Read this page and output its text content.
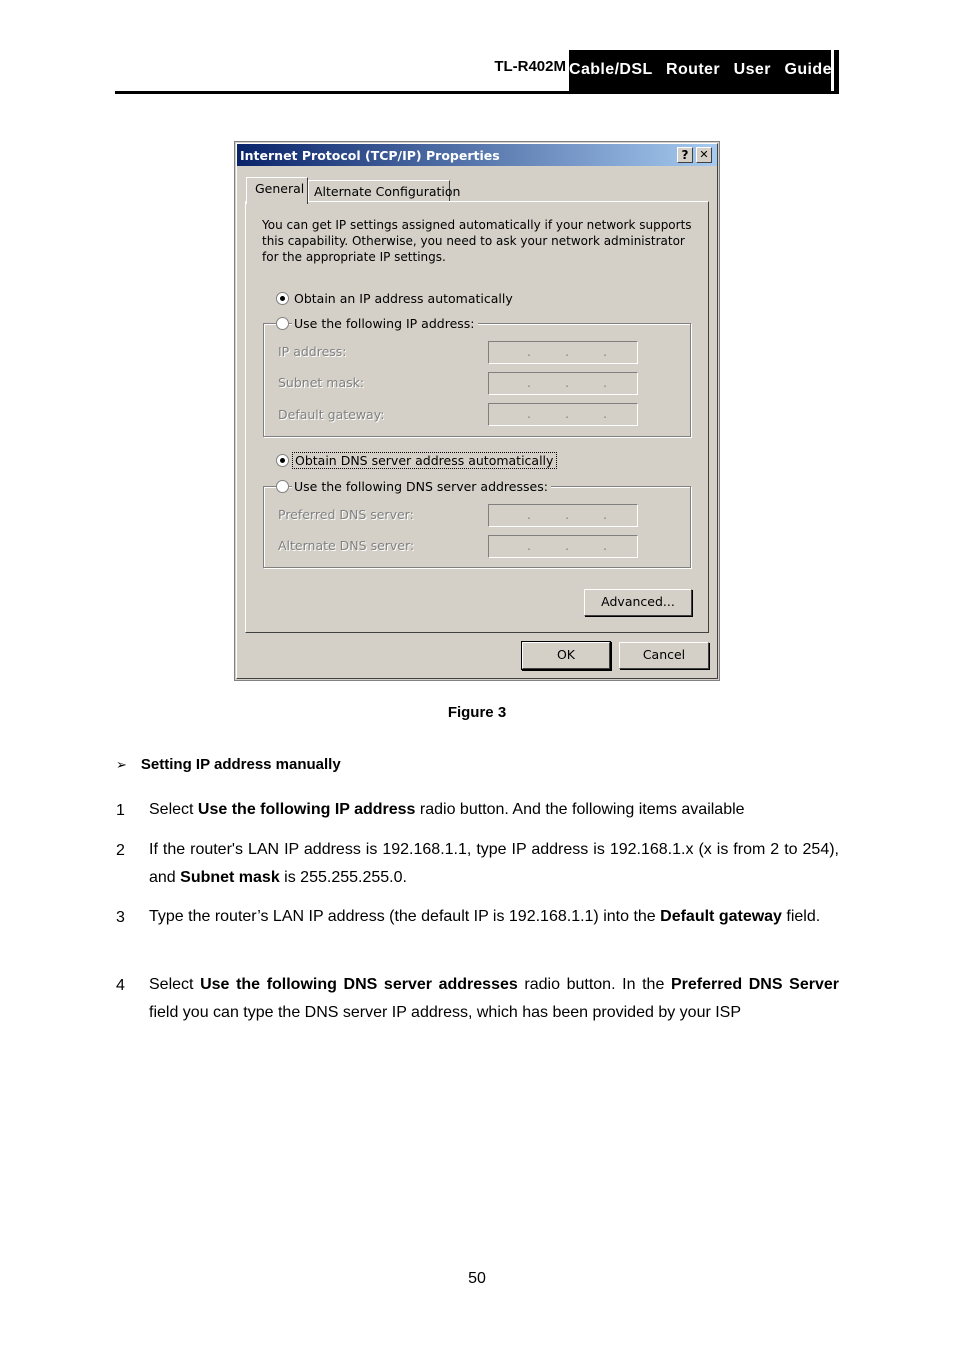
TL-R402M Cable/DSL  Router  User  Guide
Internet Protocol (TCP/IP) Properties	? ✕
General Alternate Configuration
You can get IP settings assigned automatically if your network supports this capability. Otherwise, you need to ask your network administrator for the appropriate IP settings.
Obtain an IP address automatically
Use the following IP address:
IP address:	.	.	.
Subnet mask:	.	.	.
Default gateway:	.	.	.
Obtain DNS server address automatically
Use the following DNS server addresses:
Preferred DNS server:	.	.	.
Alternate DNS server:	.	.	.
Advanced...
OK	Cancel
Figure 3
➢ Setting IP address manually
1 Select Use the following IP address radio button. And the following items available
2 If the router's LAN IP address is 192.168.1.1, type IP address is 192.168.1.x (x is from 2 to 254), and Subnet mask is 255.255.255.0.
3 Type the router’s LAN IP address (the default IP is 192.168.1.1) into the Default gateway field.
4 Select Use the following DNS server addresses radio button. In the Preferred DNS Server field you can type the DNS server IP address, which has been provided by your ISP
50
